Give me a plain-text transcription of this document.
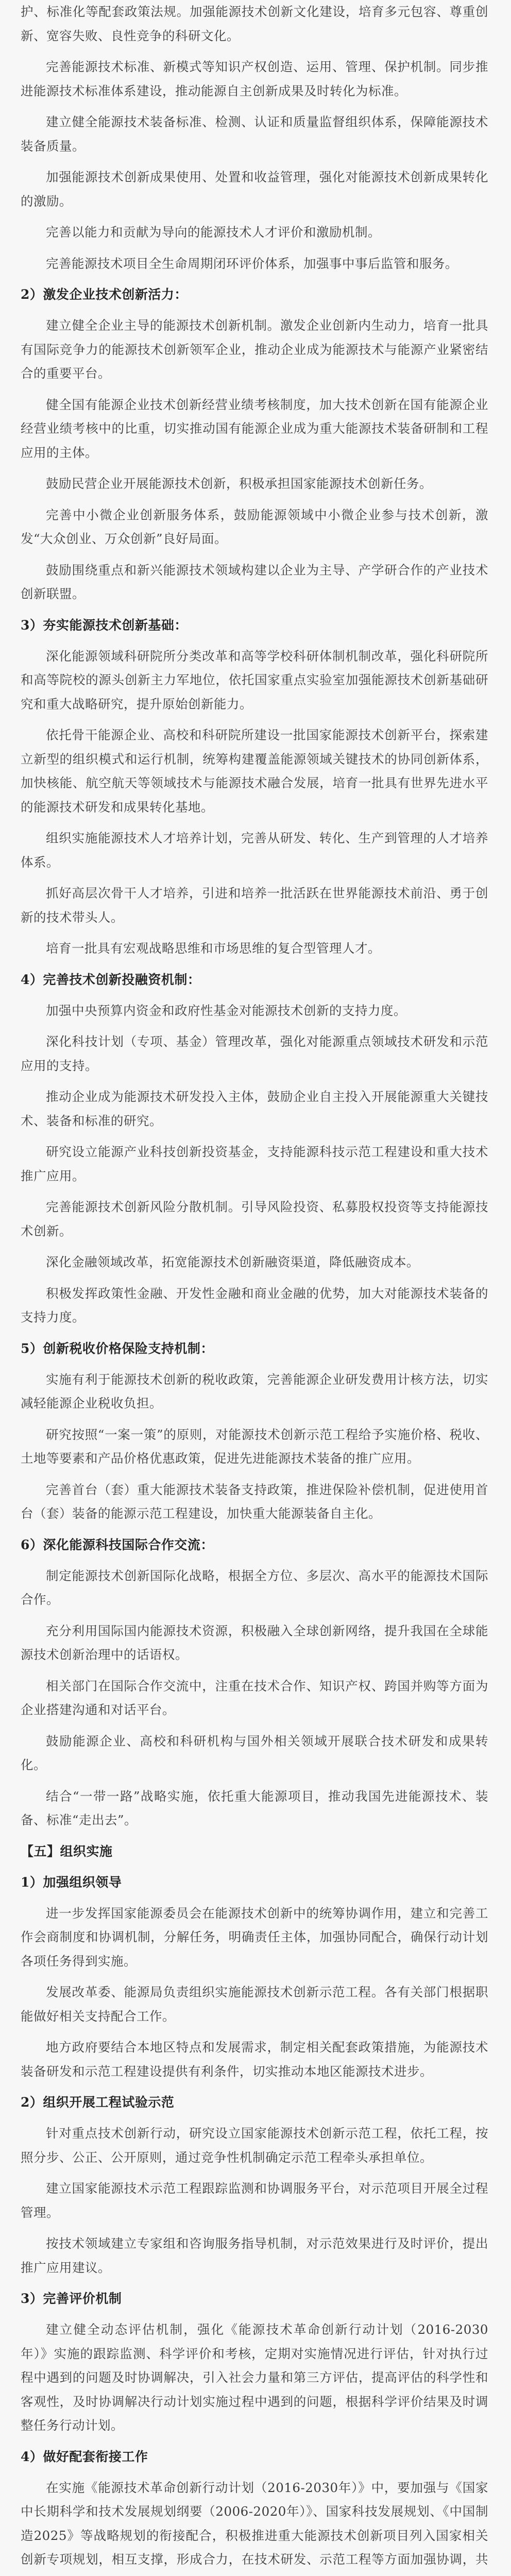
护、标准化等配套政策法规。加强能源技术创新文化建设，培育多元包容、尊重创新、宽容失败、良性竞争的科研文化。

完善能源技术标准、新模式等知识产权创造、运用、管理、保护机制。同步推进能源技术标准体系建设，推动能源自主创新成果及时转化为标准。

建立健全能源技术装备标准、检测、认证和质量监督组织体系，保障能源技术装备质量。

加强能源技术创新成果使用、处置和收益管理，强化对能源技术创新成果转化的激励。

完善以能力和贡献为导向的能源技术人才评价和激励机制。

完善能源技术项目全生命周期闭环评价体系，加强事中事后监管和服务。

2）激发企业技术创新活力：

建立健全企业主导的能源技术创新机制。激发企业创新内生动力，培育一批具有国际竞争力的能源技术创新领军企业，推动企业成为能源技术与能源产业紧密结合的重要平台。

健全国有能源企业技术创新经营业绩考核制度，加大技术创新在国有能源企业经营业绩考核中的比重，切实推动国有能源企业成为重大能源技术装备研制和工程应用的主体。

鼓励民营企业开展能源技术创新，积极承担国家能源技术创新任务。

完善中小微企业创新服务体系，鼓励能源领域中小微企业参与技术创新，激发“大众创业、万众创新”良好局面。

鼓励围绕重点和新兴能源技术领域构建以企业为主导、产学研合作的产业技术创新联盟。

3）夯实能源技术创新基础：

深化能源领域科研院所分类改革和高等学校科研体制机制改革，强化科研院所和高等院校的源头创新主力军地位，依托国家重点实验室加强能源技术创新基础研究和重大战略研究，提升原始创新能力。

依托骨干能源企业、高校和科研院所建设一批国家能源技术创新平台，探索建立新型的组织模式和运行机制，统筹构建覆盖能源领域关键技术的协同创新体系，加快核能、航空航天等领域技术与能源技术融合发展，培育一批具有世界先进水平的能源技术研发和成果转化基地。

组织实施能源技术人才培养计划，完善从研发、转化、生产到管理的人才培养体系。

抓好高层次骨干人才培养，引进和培养一批活跃在世界能源技术前沿、勇于创新的技术带头人。

培育一批具有宏观战略思维和市场思维的复合型管理人才。

4）完善技术创新投融资机制：

加强中央预算内资金和政府性基金对能源技术创新的支持力度。

深化科技计划（专项、基金）管理改革，强化对能源重点领域技术研发和示范应用的支持。

推动企业成为能源技术研发投入主体，鼓励企业自主投入开展能源重大关键技术、装备和标准的研究。

研究设立能源产业科技创新投资基金，支持能源科技示范工程建设和重大技术推广应用。

完善能源技术创新风险分散机制。引导风险投资、私募股权投资等支持能源技术创新。

深化金融领域改革，拓宽能源技术创新融资渠道，降低融资成本。

积极发挥政策性金融、开发性金融和商业金融的优势，加大对能源技术装备的支持力度。

5）创新税收价格保险支持机制：

实施有利于能源技术创新的税收政策，完善能源企业研发费用计核方法，切实减轻能源企业税收负担。

研究按照“一案一策”的原则，对能源技术创新示范工程给予实施价格、税收、土地等要素和产品价格优惠政策，促进先进能源技术装备的推广应用。

完善首台（套）重大能源技术装备支持政策，推进保险补偿机制，促进使用首台（套）装备的能源示范工程建设，加快重大能源装备自主化。

6）深化能源科技国际合作交流：

制定能源技术创新国际化战略，根据全方位、多层次、高水平的能源技术国际合作。

充分利用国际国内能源技术资源，积极融入全球创新网络，提升我国在全球能源技术创新治理中的话语权。

相关部门在国际合作交流中，注重在技术合作、知识产权、跨国并购等方面为企业搭建沟通和对话平台。

鼓励能源企业、高校和科研机构与国外相关领域开展联合技术研发和成果转化。

结合“一带一路”战略实施，依托重大能源项目，推动我国先进能源技术、装备、标准“走出去”。

【五】组织实施
1）加强组织领导

进一步发挥国家能源委员会在能源技术创新中的统筹协调作用，建立和完善工作会商制度和协调机制，分解任务，明确责任主体，加强协同配合，确保行动计划各项任务得到实施。

发展改革委、能源局负责组织实施能源技术创新示范工程。各有关部门根据职能做好相关支持配合工作。

地方政府要结合本地区特点和发展需求，制定相关配套政策措施，为能源技术装备研发和示范工程建设提供有利条件，切实推动本地区能源技术进步。

2）组织开展工程试验示范

针对重点技术创新行动，研究设立国家能源技术创新示范工程，依托工程，按照分步、公正、公开原则，通过竞争性机制确定示范工程牵头承担单位。

建立国家能源技术示范工程跟踪监测和协调服务平台，对示范项目开展全过程管理。

按技术领域建立专家组和咨询服务指导机制，对示范效果进行及时评价，提出推广应用建议。

3）完善评价机制

建立健全动态评估机制，强化《能源技术革命创新行动计划（2016-2030年）》实施的跟踪监测、科学评价和考核，定期对实施情况进行评估，针对执行过程中遇到的问题及时协调解决，引入社会力量和第三方评估，提高评估的科学性和客观性，及时协调解决行动计划实施过程中遇到的问题，根据科学评价结果及时调整任务行动计划。

4）做好配套衔接工作

在实施《能源技术革命创新行动计划（2016-2030年）》中，要加强与《国家中长期科学和技术发展规划纲要（2006-2020年）》、国家科技发展规划、《中国制造2025》等战略规划的衔接配合，积极推进重大能源技术创新项目列入国家相关创新专项规划，相互支撑，形成合力，在技术研发、示范工程等方面加强协调，共
